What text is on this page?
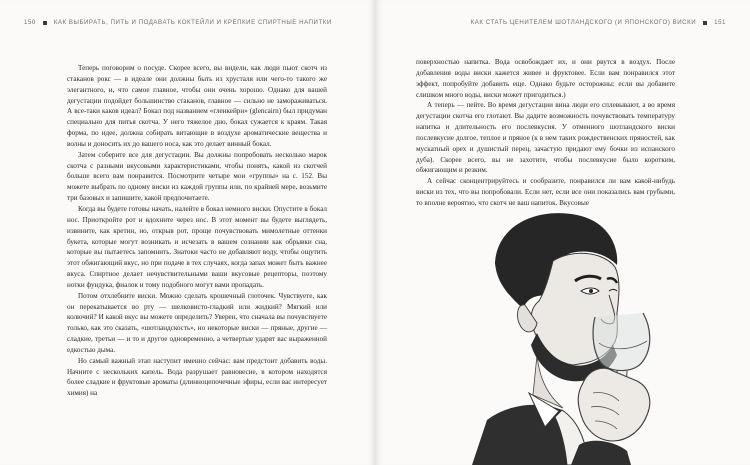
150	КАК ВЫБИРАТЬ, ПИТЬ И ПОДАВАТЬ КОКТЕЙЛИ И КРЕПКИЕ СПИРТНЫЕ НАПИТКИ

Теперь поговорим о посуде. Скорее всего, вы видели, как люди пьют скотч из стаканов рокс — в идеале они должны быть из хрусталя или чего-то такого же элегантного, и, что самое главное, чтобы они очень хорошо. Однако для вашей дегустации подойдет большинство стаканов, главное — сильно не замораживаться. А все-таки каков идеал? Бокал под названием «гленкейрн» (glencairn) был придуман специально для питья скотча. У него тяжелое дно, бокал сужается к краям. Такая форма, по идее, должна собирать витающие в воздухе ароматические вещества и волны и доносить их до вашего носа, как это делает винный бокал.

Затем соберите все для дегустации. Вы должны попробовать несколько марок скотча с разными вкусовыми характеристиками, чтобы понять, какой из скотчей больше всего вам понравится. Посмотрите четыре мои «группы» на с. 152. Вы можете выбрать по одному виски из каждой группы или, по крайней мере, возьмите три базовых и запишите, какой предпочитаете.

Когда вы будете готовы начать, налейте в бокал немного виски. Опустите в бокал нос. Приоткройте рот и вдохните через нос. В этот момент вы будете выглядеть, извините, как кретин, но, открыв рот, проще почувствовать мимолетные оттенки букета, которые могут возникать и исчезать в вашем сознании как обрывки сна, которые вы пытаетесь запомнить. Знатоки часто не добавляют воду, чтобы ощутить этот обжигающий вкус, но при подаче в тех случаях, когда запах может быть важнее вкуса. Спиртное делает нечувствительными ваши вкусовые рецепторы, поэтому нотки фундука, фиалок и тому подобного могут вами пропадать.

Потом отхлебните виски. Можно сделать крошечный глоточек. Чувствуете, как он перекатывается во рту — шелковисто-гладкий или жидкий? Мягкий или колючий? И какой вкус вы можете определить? Уверен, что сначала вы почувствуете только, как это сказать, «шотландскость», но некоторые виски — пряные, другие — сладкие, третьи — и то и другое одновременно, а четвертые ударят вас выраженной едкостью дыма.

Но самый важный этап наступит именно сейчас: вам предстоит добавить воды. Начните с нескольких капель. Вода разрушает равновесие, в котором находятся более сладкие и фруктовые ароматы (длинноцепочечные эфиры, если вас интересует химия) на

КАК СТАТЬ ЦЕНИТЕЛЕМ ШОТЛАНДСКОГО (И ЯПОНСКОГО) ВИСКИ	151

поверхностью напитка. Вода освобождает их, и они рвутся в воздух. После добавления воды виски кажется живее и фруктовее. Если вам понравился этот эффект, попробуйте добавить еще. Однако будьте осторожны: если вы добавите слишком много воды, виски может пригодиться.)

А теперь — пейте. Во время дегустации вина люди его сплевывают, а во время дегустации скотча его глотают. Вы дадите возможность почувствовать температуру напитка и длительность его послевкусия. У отменного шотландского виски послевкусие долгое, теплое и пряное (к в нем таких рождественских пряностей, как мускатный орех и душистый перец, зачастую придают ему бочки из испанского дуба). Скорее всего, вы не захотите, чтобы послевкусие было коротким, обжигающим и резким.

А сейчас сконцентрируйтесь и сообразите, понравился ли вам какой-нибудь виски из тех, что вы попробовали. Если нет, если все они показались вам грубыми, то вполне вероятно, что скотч не ваш напиток. Вкусовые
